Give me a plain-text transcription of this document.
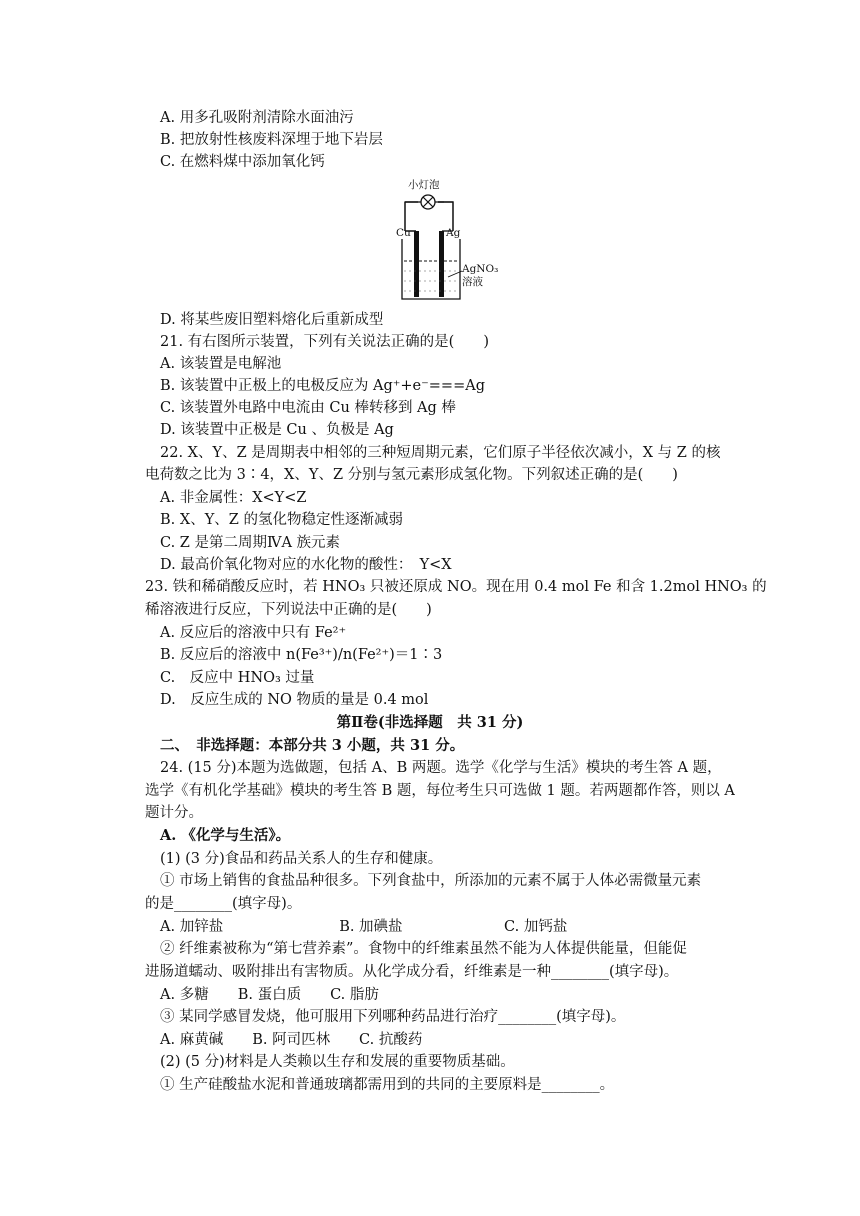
A. 用多孔吸附剂清除水面油污
B. 把放射性核废料深埋于地下岩层
C. 在燃料煤中添加氧化钙
小灯泡
Cu	Ag
AgNO₃
溶液
D. 将某些废旧塑料熔化后重新成型
21. 有右图所示装置，下列有关说法正确的是(　　)
A. 该装置是电解池
B. 该装置中正极上的电极反应为 Ag⁺+e⁻===Ag
C. 该装置外电路中电流由 Cu 棒转移到 Ag 棒
D. 该装置中正极是 Cu 、负极是 Ag
22. X、Y、Z 是周期表中相邻的三种短周期元素，它们原子半径依次减小，X 与 Z 的核
电荷数之比为 3∶4，X、Y、Z 分别与氢元素形成氢化物。下列叙述正确的是(　　)
A. 非金属性：X<Y<Z
B. X、Y、Z 的氢化物稳定性逐渐减弱
C. Z 是第二周期ⅣA 族元素
D. 最高价氧化物对应的水化物的酸性：　Y<X
23. 铁和稀硝酸反应时，若 HNO₃ 只被还原成 NO。现在用 0.4 mol Fe 和含 1.2mol HNO₃ 的
稀溶液进行反应，下列说法中正确的是(　　)
A. 反应后的溶液中只有 Fe²⁺
B. 反应后的溶液中 n(Fe³⁺)/n(Fe²⁺)＝1∶3
C.　反应中 HNO₃ 过量
D.　反应生成的 NO 物质的量是 0.4 mol
第Ⅱ卷(非选择题　共 31 分)
二、　非选择题：本部分共 3 小题，共 31 分。
24. (15 分)本题为选做题，包括 A、B 两题。选学《化学与生活》模块的考生答 A 题，
选学《有机化学基础》模块的考生答 B 题，每位考生只可选做 1 题。若两题都作答，则以 A
题计分。
A. 《化学与生活》。
(1) (3 分)食品和药品关系人的生存和健康。
① 市场上销售的食盐品种很多。下列食盐中，所添加的元素不属于人体必需微量元素
的是________(填字母)。
A. 加锌盐　　　　　　　　B. 加碘盐　　　　　　　C. 加钙盐
② 纤维素被称为“第七营养素”。食物中的纤维素虽然不能为人体提供能量，但能促
进肠道蠕动、吸附排出有害物质。从化学成分看，纤维素是一种________(填字母)。
A. 多糖　　B. 蛋白质　　C. 脂肪
③ 某同学感冒发烧，他可服用下列哪种药品进行治疗________(填字母)。
A. 麻黄碱　　B. 阿司匹林　　C. 抗酸药
(2) (5 分)材料是人类赖以生存和发展的重要物质基础。
① 生产硅酸盐水泥和普通玻璃都需用到的共同的主要原料是________。
